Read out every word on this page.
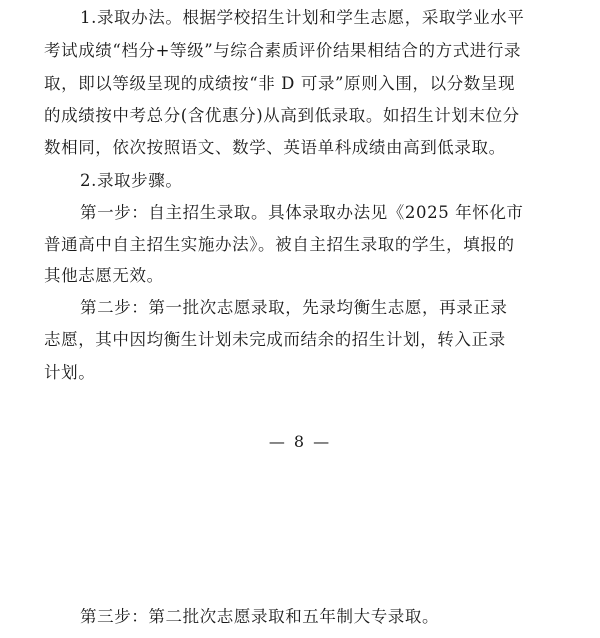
1.录取办法。根据学校招生计划和学生志愿，采取学业水平
考试成绩“档分+等级”与综合素质评价结果相结合的方式进行录
取，即以等级呈现的成绩按“非 D 可录”原则入围，以分数呈现
的成绩按中考总分(含优惠分)从高到低录取。如招生计划末位分
数相同，依次按照语文、数学、英语单科成绩由高到低录取。
2.录取步骤。
第一步：自主招生录取。具体录取办法见《2025 年怀化市
普通高中自主招生实施办法》。被自主招生录取的学生，填报的
其他志愿无效。
第二步：第一批次志愿录取，先录均衡生志愿，再录正录
志愿，其中因均衡生计划未完成而结余的招生计划，转入正录
计划。
— 8 —
第三步：第二批次志愿录取和五年制大专录取。
